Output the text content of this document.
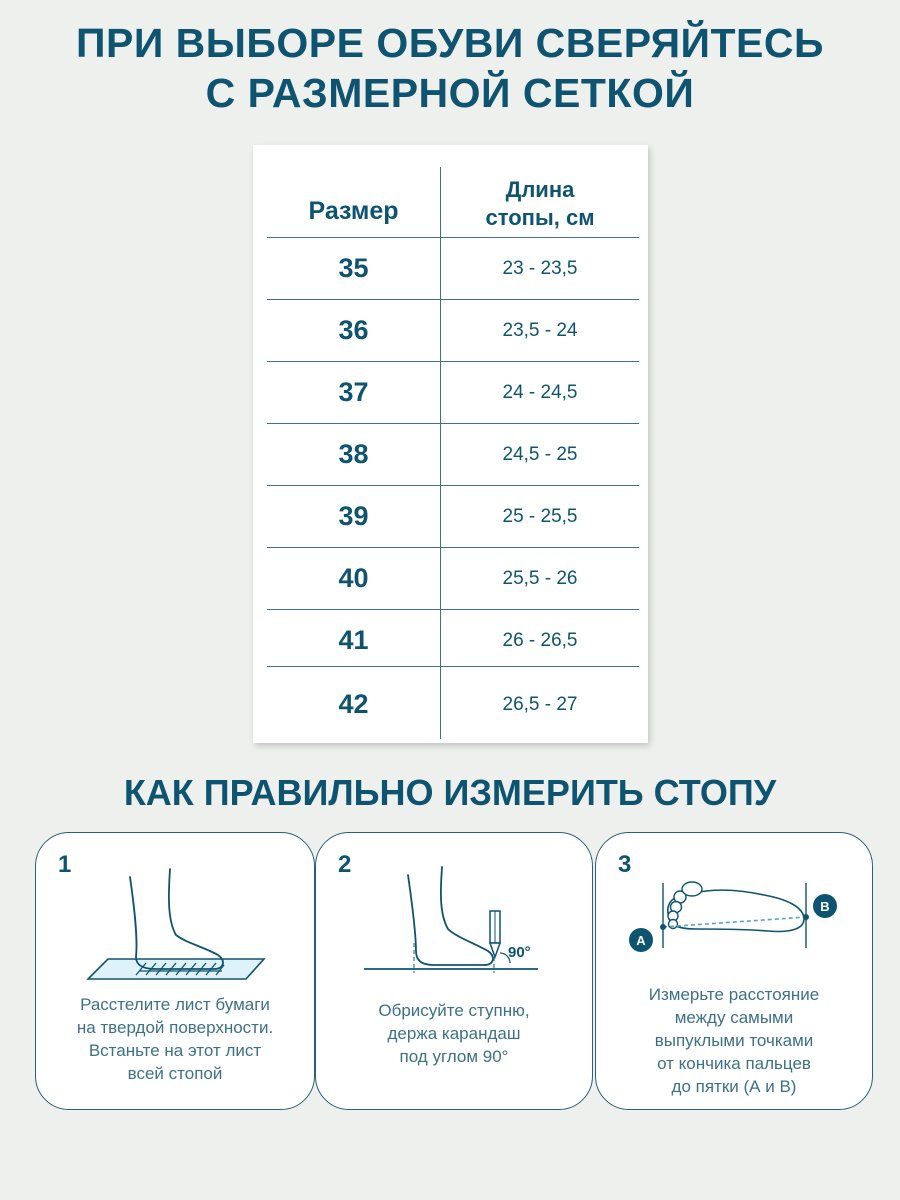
ПРИ ВЫБОРЕ ОБУВИ СВЕРЯЙТЕСЬ
С РАЗМЕРНОЙ СЕТКОЙ
Размер
Длина
стопы, см
35	23 - 23,5
36	23,5 - 24
37	24 - 24,5
38	24,5 - 25
39	25 - 25,5
40	25,5 - 26
41	26 - 26,5
42	26,5 - 27
КАК ПРАВИЛЬНО ИЗМЕРИТЬ СТОПУ
1
Расстелите лист бумаги
на твердой поверхности.
Встаньте на этот лист
всей стопой
2
90°
Обрисуйте ступню,
держа карандаш
под углом 90°
3
A
B
Измерьте расстояние
между самыми
выпуклыми точками
от кончика пальцев
до пятки (А и В)
